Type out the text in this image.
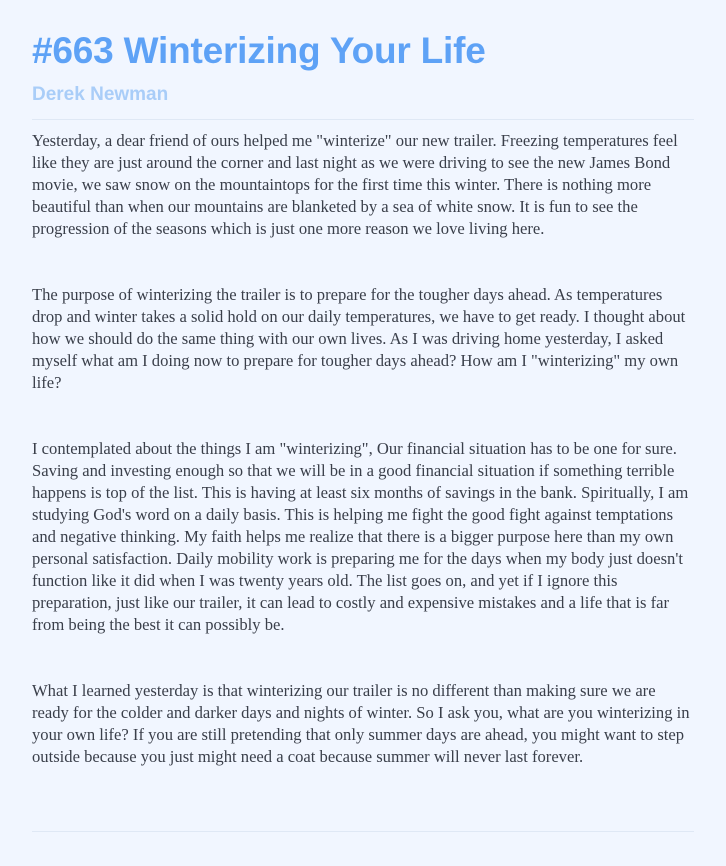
#663 Winterizing Your Life
Derek Newman

Yesterday, a dear friend of ours helped me "winterize" our new trailer. Freezing temperatures feel like they are just around the corner and last night as we were driving to see the new James Bond movie, we saw snow on the mountaintops for the first time this winter. There is nothing more beautiful than when our mountains are blanketed by a sea of white snow. It is fun to see the progression of the seasons which is just one more reason we love living here.

The purpose of winterizing the trailer is to prepare for the tougher days ahead. As temperatures drop and winter takes a solid hold on our daily temperatures, we have to get ready. I thought about how we should do the same thing with our own lives. As I was driving home yesterday, I asked myself what am I doing now to prepare for tougher days ahead? How am I "winterizing" my own life?

I contemplated about the things I am "winterizing", Our financial situation has to be one for sure. Saving and investing enough so that we will be in a good financial situation if something terrible happens is top of the list. This is having at least six months of savings in the bank. Spiritually, I am studying God's word on a daily basis. This is helping me fight the good fight against temptations and negative thinking. My faith helps me realize that there is a bigger purpose here than my own personal satisfaction. Daily mobility work is preparing me for the days when my body just doesn't function like it did when I was twenty years old. The list goes on, and yet if I ignore this preparation, just like our trailer, it can lead to costly and expensive mistakes and a life that is far from being the best it can possibly be.

What I learned yesterday is that winterizing our trailer is no different than making sure we are ready for the colder and darker days and nights of winter. So I ask you, what are you winterizing in your own life? If you are still pretending that only summer days are ahead, you might want to step outside because you just might need a coat because summer will never last forever.
